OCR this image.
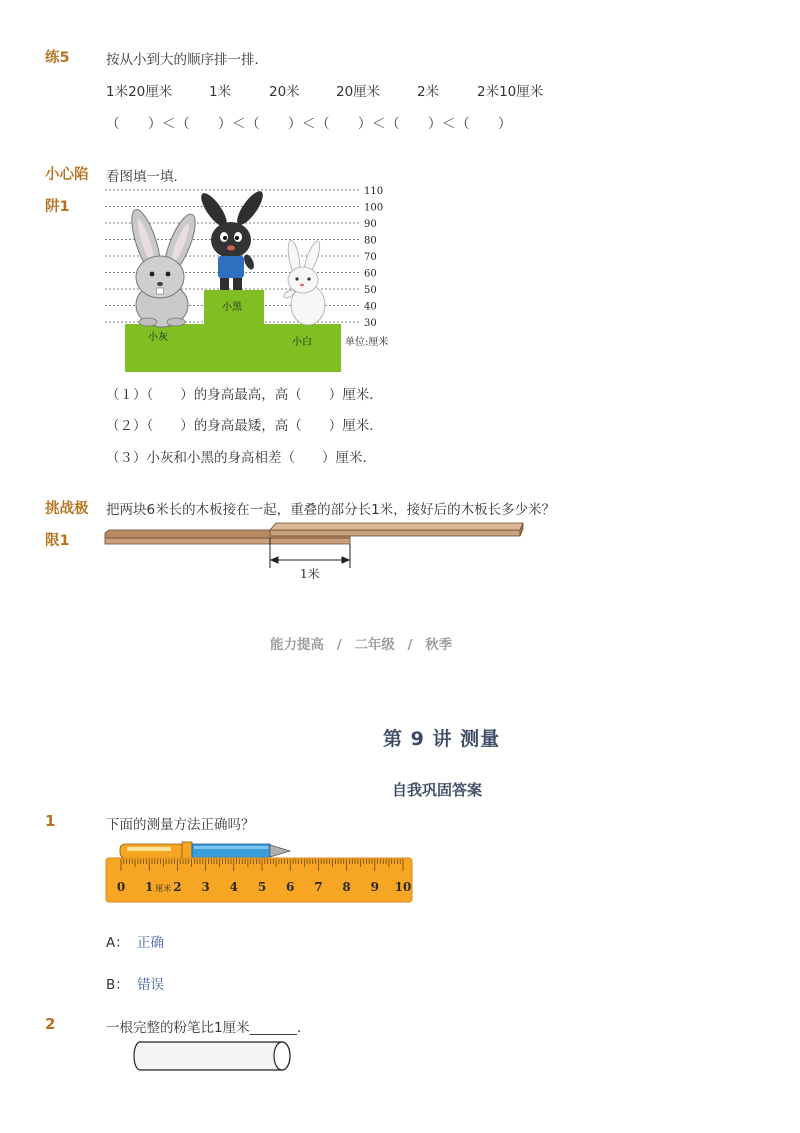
练5	按从小到大的顺序排一排．
1米20厘米	1米	20米	20厘米	2米	2米10厘米
（　　）＜（　　）＜（　　）＜（　　）＜（　　）＜（　　）
小心陷
阱1
看图填一填．
110
100
90
80
70
60
50
40
30
小灰
小黑
小白	单位:厘米
（１）（　　）的身高最高，高（　　）厘米．
（２）（　　）的身高最矮，高（　　）厘米．
（３）小灰和小黑的身高相差（　　）厘米．
挑战极
限1
把两块6米长的木板接在一起，重叠的部分长1米，接好后的木板长多少米？
1米
能力提高 / 二年级 / 秋季
第 9 讲 测量
自我巩固答案
1	下面的测量方法正确吗？
0 1 2 3 4 5 6 7 8 9 10
厘米
A： 正确
B： 错误
2	一根完整的粉笔比1厘米_______．
